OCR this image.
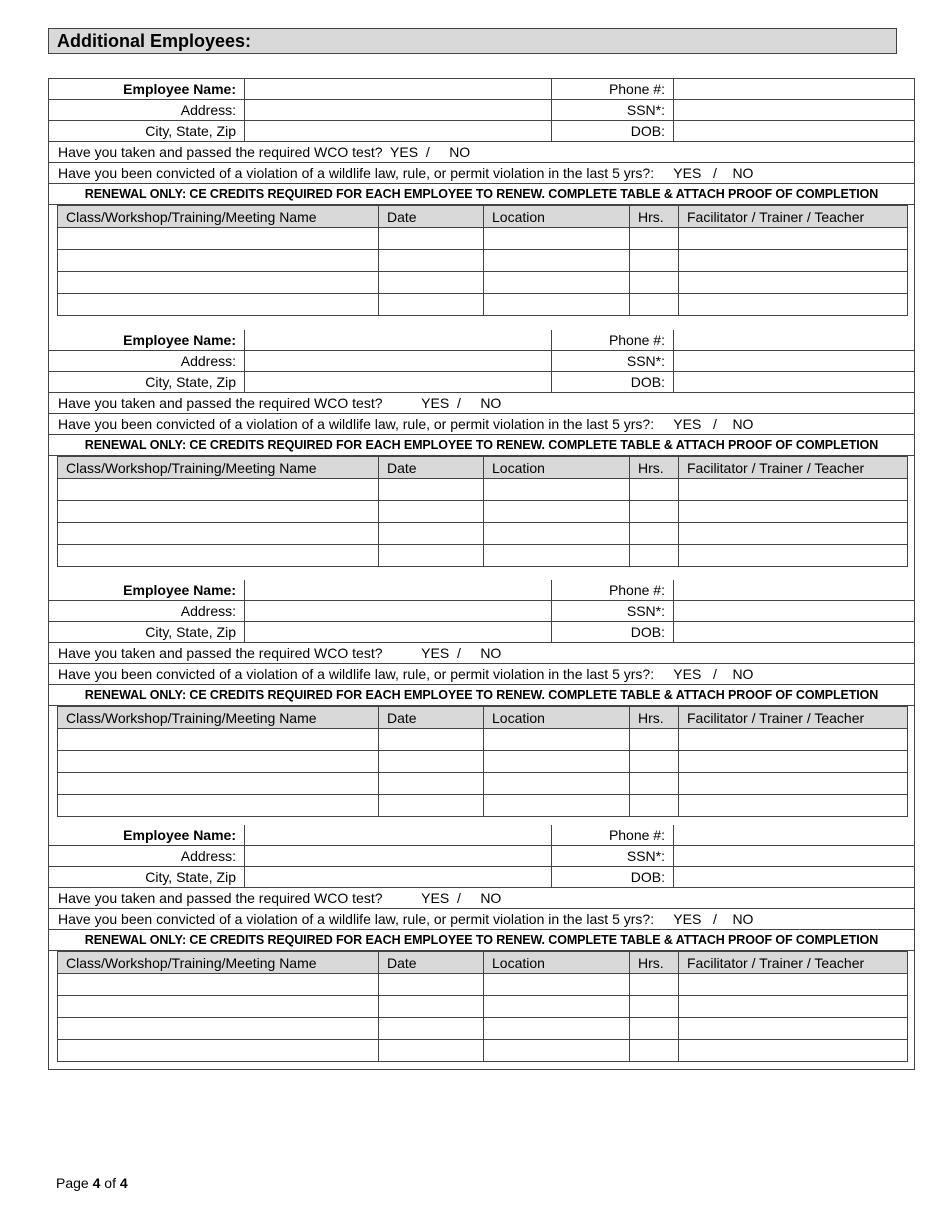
Additional Employees:
Employee Name:	Phone #:
Address:	SSN*:
City, State, Zip	DOB:
Have you taken and passed the required WCO test? YES / NO
Have you been convicted of a violation of a wildlife law, rule, or permit violation in the last 5 yrs?: YES / NO
RENEWAL ONLY: CE CREDITS REQUIRED FOR EACH EMPLOYEE TO RENEW. COMPLETE TABLE & ATTACH PROOF OF COMPLETION
Class/Workshop/Training/Meeting Name	Date	Location	Hrs.	Facilitator / Trainer / Teacher

Employee Name:	Phone #:
Address:	SSN*:
City, State, Zip	DOB:
Have you taken and passed the required WCO test?	YES / NO
Have you been convicted of a violation of a wildlife law, rule, or permit violation in the last 5 yrs?: YES / NO
RENEWAL ONLY: CE CREDITS REQUIRED FOR EACH EMPLOYEE TO RENEW. COMPLETE TABLE & ATTACH PROOF OF COMPLETION
Class/Workshop/Training/Meeting Name	Date	Location	Hrs.	Facilitator / Trainer / Teacher

Employee Name:	Phone #:
Address:	SSN*:
City, State, Zip	DOB:
Have you taken and passed the required WCO test?	YES / NO
Have you been convicted of a violation of a wildlife law, rule, or permit violation in the last 5 yrs?: YES / NO
RENEWAL ONLY: CE CREDITS REQUIRED FOR EACH EMPLOYEE TO RENEW. COMPLETE TABLE & ATTACH PROOF OF COMPLETION
Class/Workshop/Training/Meeting Name	Date	Location	Hrs.	Facilitator / Trainer / Teacher

Employee Name:	Phone #:
Address:	SSN*:
City, State, Zip	DOB:
Have you taken and passed the required WCO test?	YES / NO
Have you been convicted of a violation of a wildlife law, rule, or permit violation in the last 5 yrs?: YES / NO
RENEWAL ONLY: CE CREDITS REQUIRED FOR EACH EMPLOYEE TO RENEW. COMPLETE TABLE & ATTACH PROOF OF COMPLETION
Class/Workshop/Training/Meeting Name	Date	Location	Hrs.	Facilitator / Trainer / Teacher

Page 4 of 4
